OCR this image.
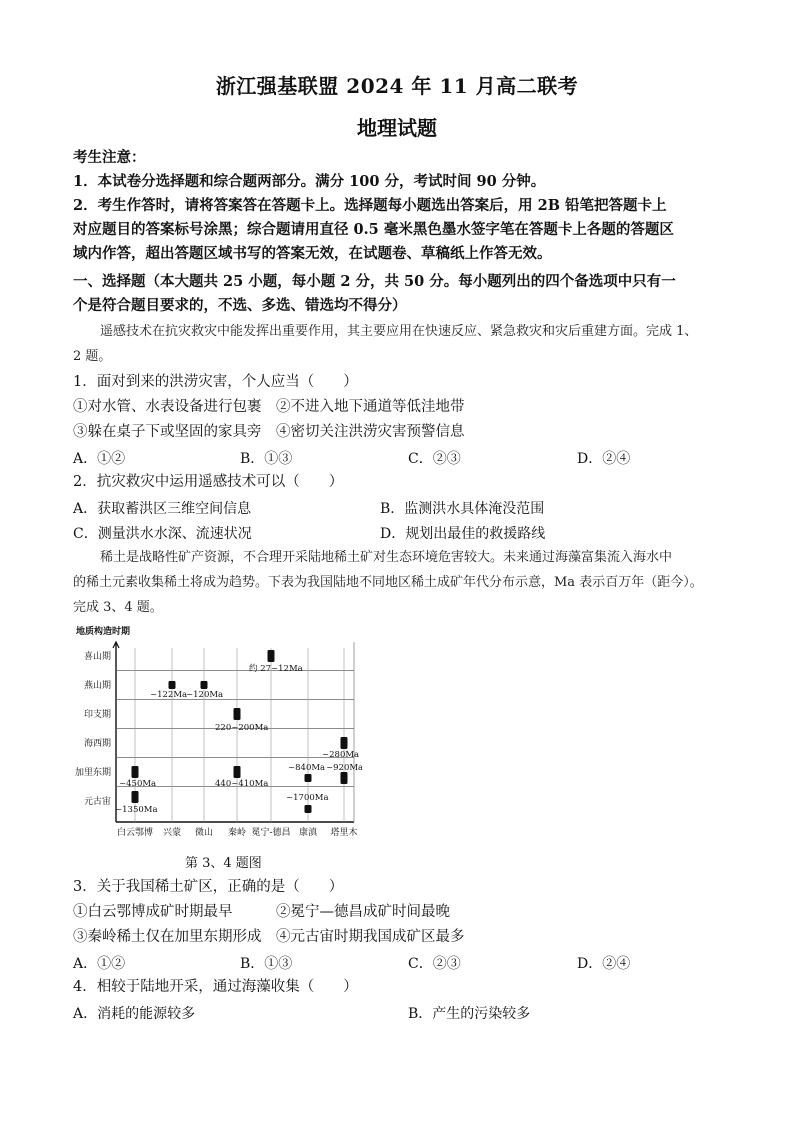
浙江强基联盟 2024 年 11 月高二联考
地理试题
考生注意：
1．本试卷分选择题和综合题两部分。满分 100 分，考试时间 90 分钟。
2．考生作答时，请将答案答在答题卡上。选择题每小题选出答案后，用 2B 铅笔把答题卡上
对应题目的答案标号涂黑；综合题请用直径 0.5 毫米黑色墨水签字笔在答题卡上各题的答题区
域内作答，超出答题区域书写的答案无效，在试题卷、草稿纸上作答无效。
一、选择题（本大题共 25 小题，每小题 2 分，共 50 分。每小题列出的四个备选项中只有一
个是符合题目要求的，不选、多选、错选均不得分）
遥感技术在抗灾救灾中能发挥出重要作用，其主要应用在快速反应、紧急救灾和灾后重建方面。完成 1、
2 题。
1．面对到来的洪涝灾害，个人应当（　　）
①对水管、水表设备进行包裹　②不进入地下通道等低洼地带
③躲在桌子下或坚固的家具旁　④密切关注洪涝灾害预警信息
A．①②	B．①③	C．②③	D．②④
2．抗灾救灾中运用遥感技术可以（　　）
A．获取蓄洪区三维空间信息	B．监测洪水具体淹没范围
C．测量洪水水深、流速状况	D．规划出最佳的救援路线
稀土是战略性矿产资源，不合理开采陆地稀土矿对生态环境危害较大。未来通过海藻富集流入海水中
的稀土元素收集稀土将成为趋势。下表为我国陆地不同地区稀土成矿年代分布示意，Ma 表示百万年（距今）。
完成 3、4 题。
地质构造时期
喜山期
燕山期
印支期
海西期
加里东期
元古宙
白云鄂博 兴蒙 微山 秦岭 冕宁-德昌 康滇 塔里木
约 27~12Ma
~122Ma
~120Ma
220~200Ma
~280Ma
~450Ma	440~410Ma
~840Ma ~920Ma
~1350Ma
~1700Ma
第 3、4 题图
3．关于我国稀土矿区，正确的是（　　）
①白云鄂博成矿时期最早　　　②冕宁—德昌成矿时间最晚
③秦岭稀土仅在加里东期形成　④元古宙时期我国成矿区最多
A．①②	B．①③	C．②③	D．②④
4．相较于陆地开采，通过海藻收集（　　）
A．消耗的能源较多	B．产生的污染较多
